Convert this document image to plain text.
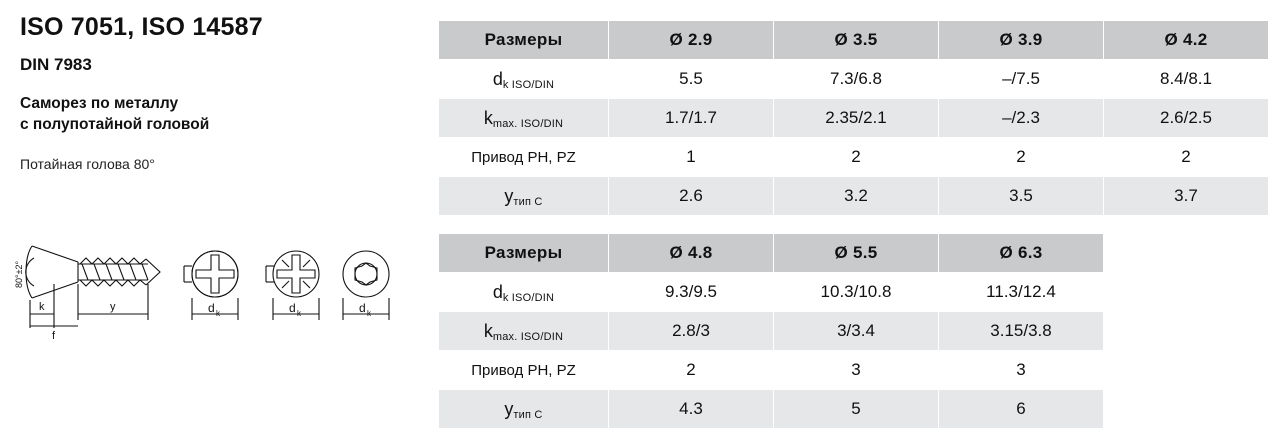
ISO 7051, ISO 14587
DIN 7983

Саморез по металлу
с полупотайной головой

Потайная голова 80°

80°±2°
k
f
y	d k	d k	d k
Размеры	Ø 2.9	Ø 3.5	Ø 3.9	Ø 4.2
dk ISO/DIN	5.5	7.3/6.8	–/7.5	8.4/8.1
kmax. ISO/DIN	1.7/1.7	2.35/2.1	–/2.3	2.6/2.5
Привод PH, PZ	1	2	2	2
yтип С	2.6	3.2	3.5	3.7
Размеры	Ø 4.8	Ø 5.5	Ø 6.3	
dk ISO/DIN	9.3/9.5	10.3/10.8	11.3/12.4	
kmax. ISO/DIN	2.8/3	3/3.4	3.15/3.8	
Привод PH, PZ	2	3	3	
yтип С	4.3	5	6	
